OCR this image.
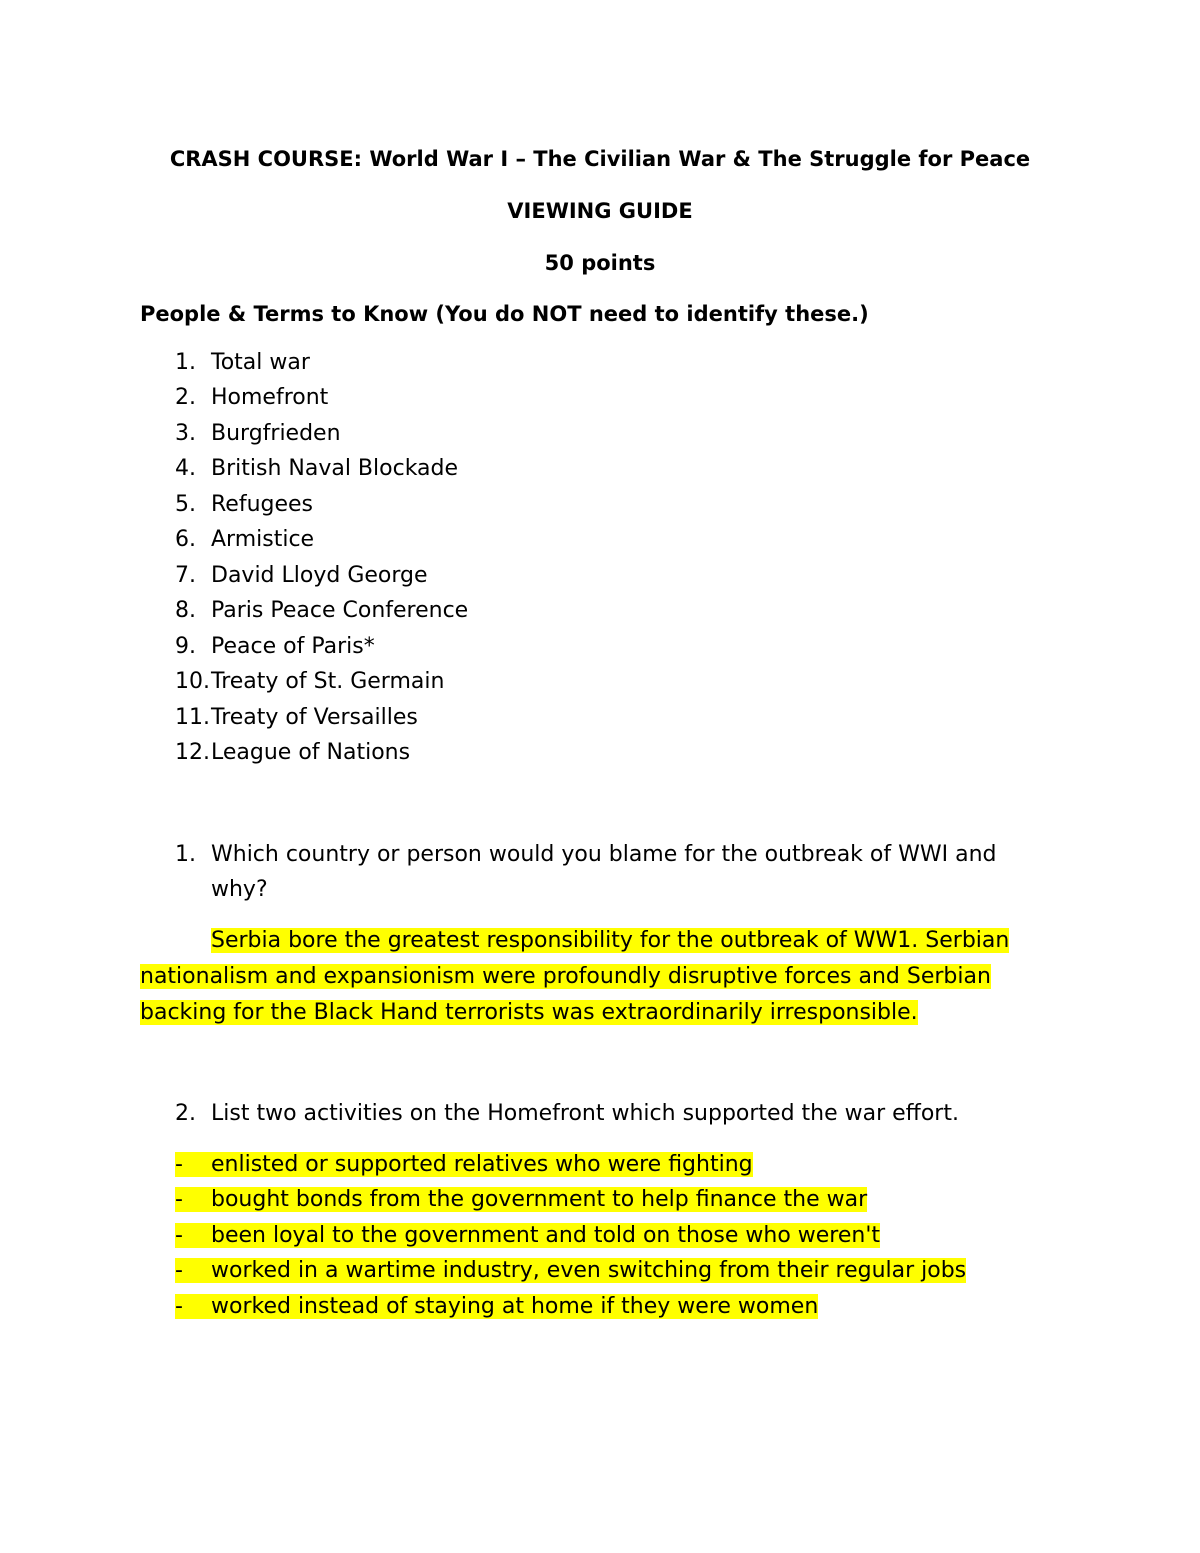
CRASH COURSE: World War I – The Civilian War & The Struggle for Peace
VIEWING GUIDE
50 points
People & Terms to Know (You do NOT need to identify these.)
1. Total war
2. Homefront
3. Burgfrieden
4. British Naval Blockade
5. Refugees
6. Armistice
7. David Lloyd George
8. Paris Peace Conference
9. Peace of Paris*
10.Treaty of St. Germain
11.Treaty of Versailles
12.League of Nations
1. Which country or person would you blame for the outbreak of WWI and
why?
Serbia bore the greatest responsibility for the outbreak of WW1. Serbian
nationalism and expansionism were profoundly disruptive forces and Serbian
backing for the Black Hand terrorists was extraordinarily irresponsible.
2. List two activities on the Homefront which supported the war effort.
- enlisted or supported relatives who were fighting
- bought bonds from the government to help finance the war
- been loyal to the government and told on those who weren't
- worked in a wartime industry, even switching from their regular jobs
- worked instead of staying at home if they were women
